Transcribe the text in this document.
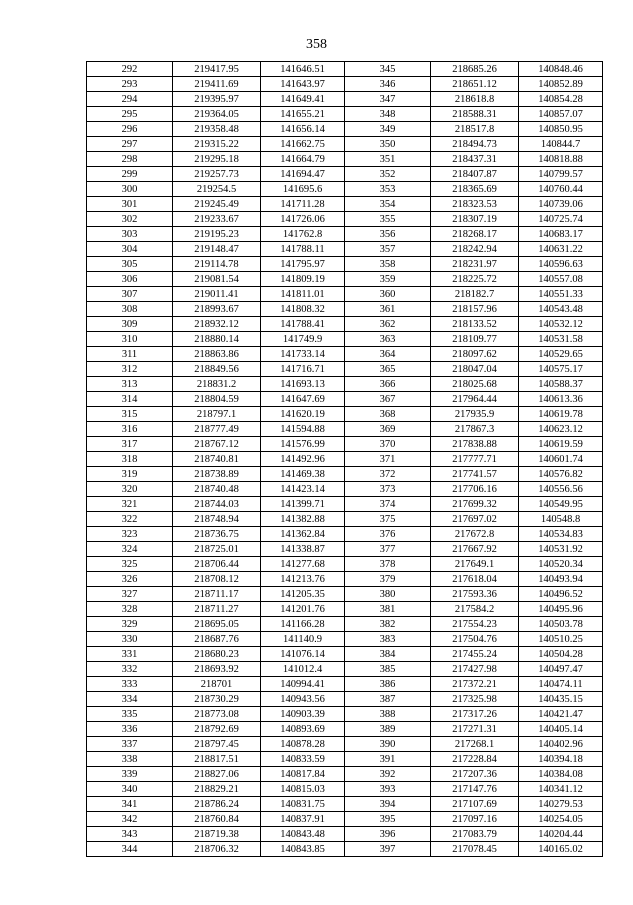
358
292	219417.95	141646.51	345	218685.26	140848.46
293	219411.69	141643.97	346	218651.12	140852.89
294	219395.97	141649.41	347	218618.8	140854.28
295	219364.05	141655.21	348	218588.31	140857.07
296	219358.48	141656.14	349	218517.8	140850.95
297	219315.22	141662.75	350	218494.73	140844.7
298	219295.18	141664.79	351	218437.31	140818.88
299	219257.73	141694.47	352	218407.87	140799.57
300	219254.5	141695.6	353	218365.69	140760.44
301	219245.49	141711.28	354	218323.53	140739.06
302	219233.67	141726.06	355	218307.19	140725.74
303	219195.23	141762.8	356	218268.17	140683.17
304	219148.47	141788.11	357	218242.94	140631.22
305	219114.78	141795.97	358	218231.97	140596.63
306	219081.54	141809.19	359	218225.72	140557.08
307	219011.41	141811.01	360	218182.7	140551.33
308	218993.67	141808.32	361	218157.96	140543.48
309	218932.12	141788.41	362	218133.52	140532.12
310	218880.14	141749.9	363	218109.77	140531.58
311	218863.86	141733.14	364	218097.62	140529.65
312	218849.56	141716.71	365	218047.04	140575.17
313	218831.2	141693.13	366	218025.68	140588.37
314	218804.59	141647.69	367	217964.44	140613.36
315	218797.1	141620.19	368	217935.9	140619.78
316	218777.49	141594.88	369	217867.3	140623.12
317	218767.12	141576.99	370	217838.88	140619.59
318	218740.81	141492.96	371	217777.71	140601.74
319	218738.89	141469.38	372	217741.57	140576.82
320	218740.48	141423.14	373	217706.16	140556.56
321	218744.03	141399.71	374	217699.32	140549.95
322	218748.94	141382.88	375	217697.02	140548.8
323	218736.75	141362.84	376	217672.8	140534.83
324	218725.01	141338.87	377	217667.92	140531.92
325	218706.44	141277.68	378	217649.1	140520.34
326	218708.12	141213.76	379	217618.04	140493.94
327	218711.17	141205.35	380	217593.36	140496.52
328	218711.27	141201.76	381	217584.2	140495.96
329	218695.05	141166.28	382	217554.23	140503.78
330	218687.76	141140.9	383	217504.76	140510.25
331	218680.23	141076.14	384	217455.24	140504.28
332	218693.92	141012.4	385	217427.98	140497.47
333	218701	140994.41	386	217372.21	140474.11
334	218730.29	140943.56	387	217325.98	140435.15
335	218773.08	140903.39	388	217317.26	140421.47
336	218792.69	140893.69	389	217271.31	140405.14
337	218797.45	140878.28	390	217268.1	140402.96
338	218817.51	140833.59	391	217228.84	140394.18
339	218827.06	140817.84	392	217207.36	140384.08
340	218829.21	140815.03	393	217147.76	140341.12
341	218786.24	140831.75	394	217107.69	140279.53
342	218760.84	140837.91	395	217097.16	140254.05
343	218719.38	140843.48	396	217083.79	140204.44
344	218706.32	140843.85	397	217078.45	140165.02
